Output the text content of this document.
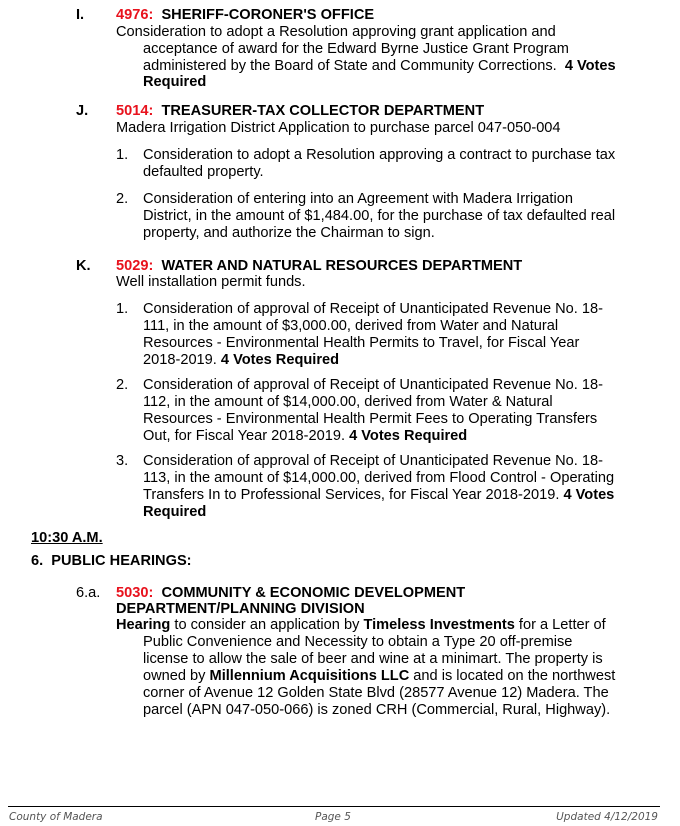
I. 4976: SHERIFF-CORONER'S OFFICE
Consideration to adopt a Resolution approving grant application and
acceptance of award for the Edward Byrne Justice Grant Program
administered by the Board of State and Community Corrections. 4 Votes
Required
J. 5014: TREASURER-TAX COLLECTOR DEPARTMENT
Madera Irrigation District Application to purchase parcel 047-050-004
1. Consideration to adopt a Resolution approving a contract to purchase tax
defaulted property.
2. Consideration of entering into an Agreement with Madera Irrigation
District, in the amount of $1,484.00, for the purchase of tax defaulted real
property, and authorize the Chairman to sign.
K. 5029: WATER AND NATURAL RESOURCES DEPARTMENT
Well installation permit funds.
1. Consideration of approval of Receipt of Unanticipated Revenue No. 18-
111, in the amount of $3,000.00, derived from Water and Natural
Resources - Environmental Health Permits to Travel, for Fiscal Year
2018-2019. 4 Votes Required
2. Consideration of approval of Receipt of Unanticipated Revenue No. 18-
112, in the amount of $14,000.00, derived from Water & Natural
Resources - Environmental Health Permit Fees to Operating Transfers
Out, for Fiscal Year 2018-2019. 4 Votes Required
3. Consideration of approval of Receipt of Unanticipated Revenue No. 18-
113, in the amount of $14,000.00, derived from Flood Control - Operating
Transfers In to Professional Services, for Fiscal Year 2018-2019. 4 Votes
Required
10:30 A.M.
6.  PUBLIC HEARINGS:
6.a. 5030: COMMUNITY & ECONOMIC DEVELOPMENT
DEPARTMENT/PLANNING DIVISION
Hearing to consider an application by Timeless Investments for a Letter of
Public Convenience and Necessity to obtain a Type 20 off-premise
license to allow the sale of beer and wine at a minimart. The property is
owned by Millennium Acquisitions LLC and is located on the northwest
corner of Avenue 12 Golden State Blvd (28577 Avenue 12) Madera. The
parcel (APN 047-050-066) is zoned CRH (Commercial, Rural, Highway).
County of Madera	Page 5	Updated 4/12/2019
